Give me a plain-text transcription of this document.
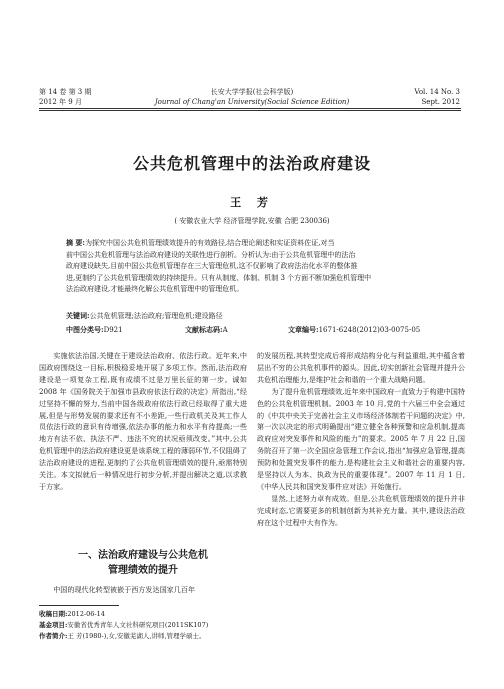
第 14 卷 第 3 期
2012 年 9 月
长安大学学报(社会科学版)
Journal of Chang'an University(Social Science Edition)
Vol. 14 No. 3
Sept. 2012
公共危机管理中的法治政府建设
王 芳
( 安徽农业大学 经济管理学院,安徽 合肥 230036)
摘 要:为探究中国公共危机管理绩效提升的有效路径,结合理论阐述和实证资料佐证,对当
前中国公共危机管理与法治政府建设的关联性进行剖析。分析认为:由于公共危机管理中的法治
政府建设缺失,目前中国公共危机管理存在三大管理危机,这不仅影响了政府法治化水平的整体推
进,更制约了公共危机管理绩效的持续提升。只有从制度、体制、机制 3 个方面不断加强危机管理中
法治政府建设,才能最终化解公共危机管理中的管理危机。
关键词:公共危机管理;法治政府;管理危机;建设路径
中图分类号:D921	文献标志码:A	文章编号:1671-6248(2012)03-0075-05

实施依法治国,关键在于建设法治政府、依法行政。近年来,中国政府围绕这一目标,积极稳妥地开展了多项工作。然而,法治政府建设是一项复杂工程,既有成绩不过是万里长征的第一步。诚如 2008 年《国务院关于加强市县政府依法行政的决定》所指出,“经过坚持不懈的努力,当前中国各级政府依法行政已经取得了重大进展,但是与形势发展的要求还有不小差距,一些行政机关及其工作人员依法行政的意识有待增强,依法办事的能力和水平有待提高;一些地方有法不依、执法不严、违法不究的状况亟须改变。”其中,公共危机管理中的法治政府建设更是该系统工程的薄弱环节,不仅阻碍了法治政府建设的进程,更制约了公共危机管理绩效的提升,亟需特别关注。本文拟就后一种情况进行初步分析,并提出解决之道,以求教于方家。

一、法治政府建设与公共危机
管理绩效的提升

中国的现代化转型被嵌于西方发达国家几百年

的发展历程,其转型完成后将形成结构分化与利益重组,其中蕴含着层出不穷的公共危机事件的源头。因此,切实创新社会管理并提升公共危机治理能力,是维护社会和谐的一个重大战略问题。

为了提升危机管理绩效,近年来中国政府一直致力于构建中国特色的公共危机管理机制。2003 年 10 月,党的十六届三中全会通过的《中共中央关于完善社会主义市场经济体制若干问题的决定》中,第一次以决定的形式明确提出“建立健全各种预警和应急机制,提高政府应对突发事件和风险的能力”的要求。2005 年 7 月 22 日,国务院召开了第一次全国应急管理工作会议,指出“加强应急管理,提高预防和处置突发事件的能力,是构建社会主义和谐社会的重要内容,是坚持以人为本、执政为民的重要体现”。2007 年 11 月 1 日,《中华人民共和国突发事件应对法》开始施行。

显然,上述努力卓有成效。但是,公共危机管理绩效的提升并非完成时态,它需要更多的机制创新为其补充力量。其中,建设法治政府在这个过程中大有作为。

收稿日期:2012-06-14
基金项目:安徽省优秀青年人文社科研究项目(2011SK107)
作者简介:王 芳(1980-),女,安徽芜湖人,讲师,管理学硕士。
